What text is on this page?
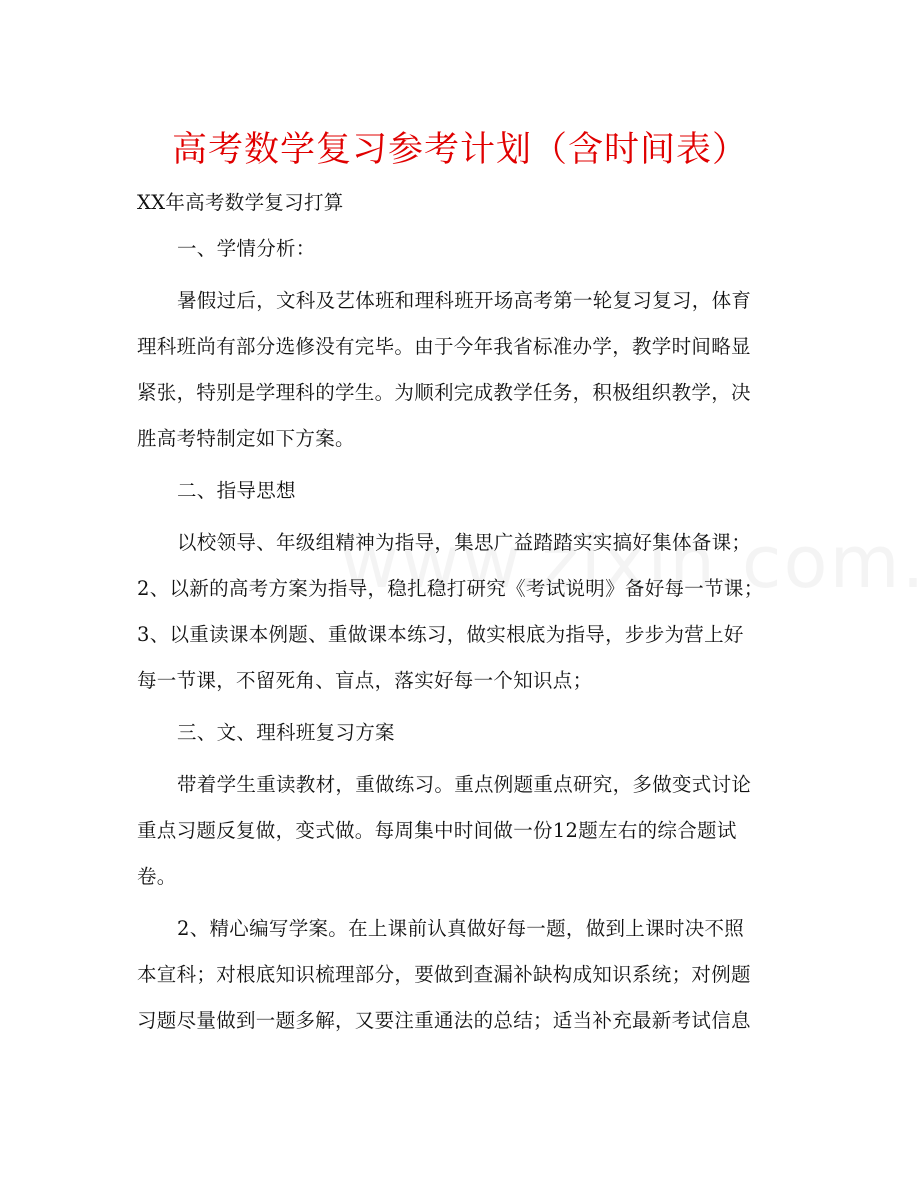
高考数学复习参考计划（含时间表）
XX年高考数学复习打算
一、学情分析：
暑假过后，文科及艺体班和理科班开场高考第一轮复习复习，体育
理科班尚有部分选修没有完毕。由于今年我省标准办学，教学时间略显
紧张，特别是学理科的学生。为顺利完成教学任务，积极组织教学，决
胜高考特制定如下方案。
二、指导思想
以校领导、年级组精神为指导，集思广益踏踏实实搞好集体备课；
2、以新的高考方案为指导，稳扎稳打研究《考试说明》备好每一节课；
3、以重读课本例题、重做课本练习，做实根底为指导，步步为营上好
每一节课，不留死角、盲点，落实好每一个知识点；
三、文、理科班复习方案
带着学生重读教材，重做练习。重点例题重点研究，多做变式讨论
重点习题反复做，变式做。每周集中时间做一份12题左右的综合题试
卷。
2、精心编写学案。在上课前认真做好每一题，做到上课时决不照
本宣科；对根底知识梳理部分，要做到查漏补缺构成知识系统；对例题
习题尽量做到一题多解，又要注重通法的总结；适当补充最新考试信息
